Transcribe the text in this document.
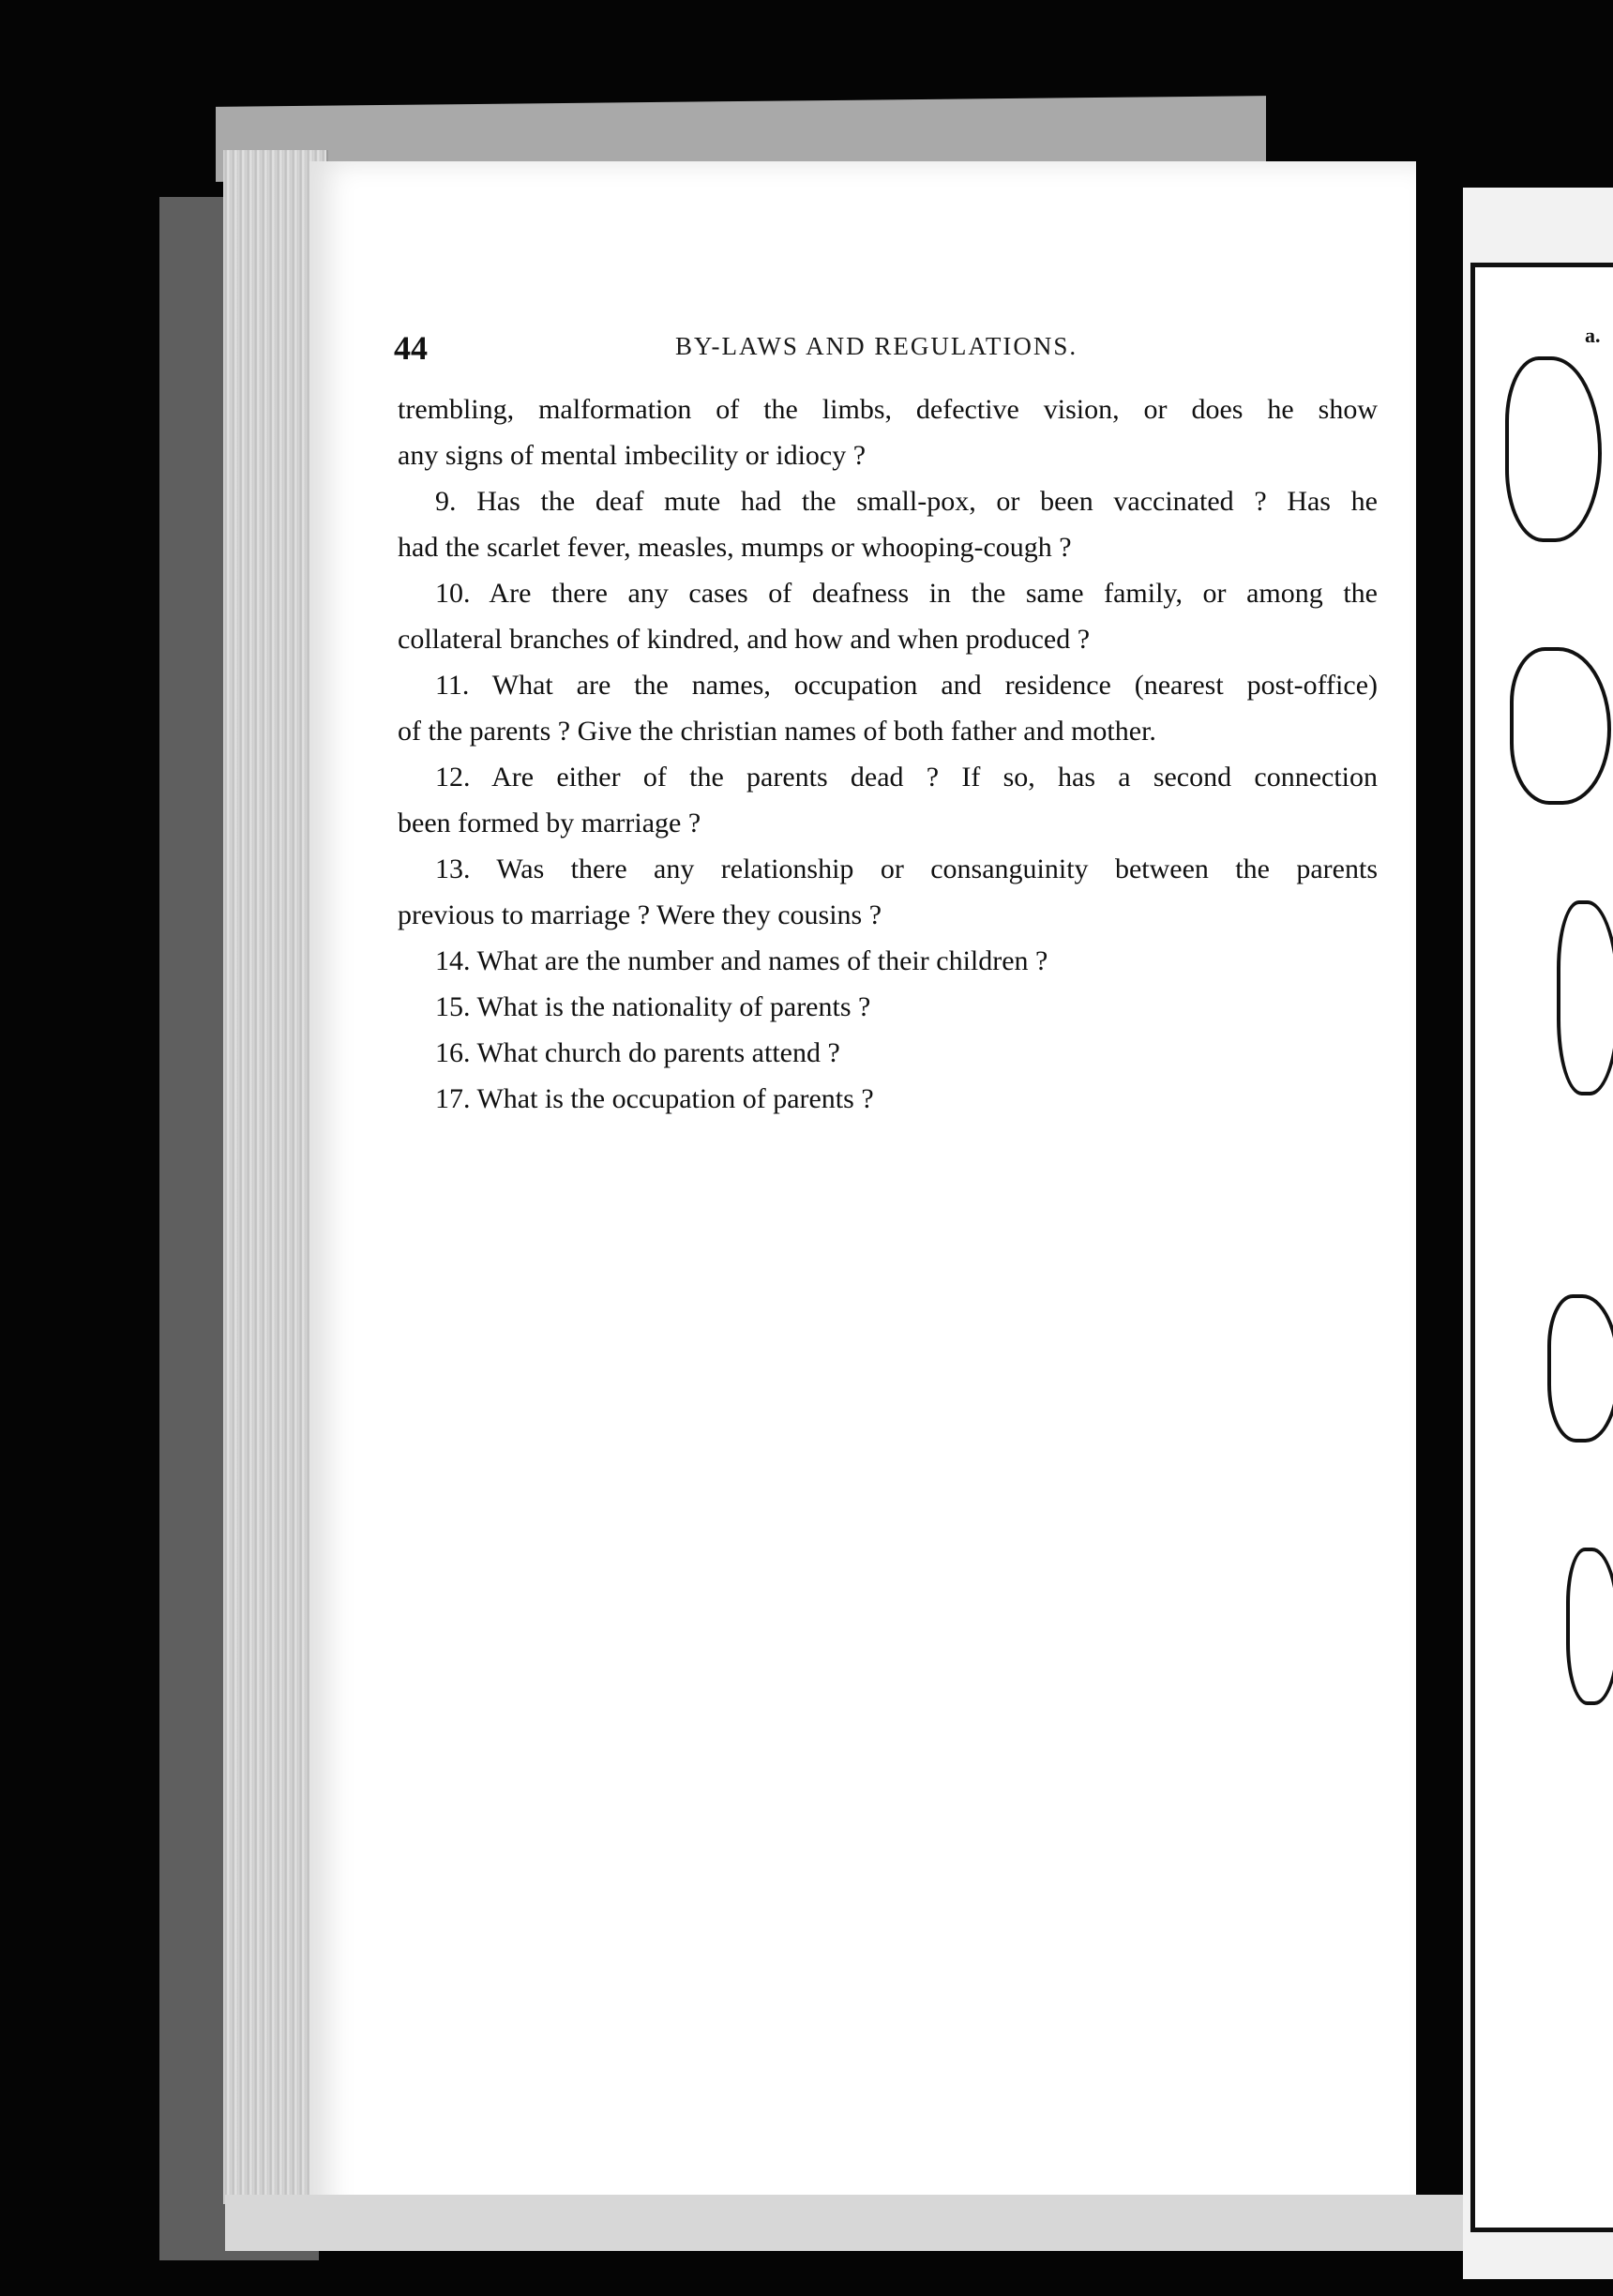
a.
44	BY-LAWS AND REGULATIONS.
trembling, malformation of the limbs, defective vision, or does he show
any signs of mental imbecility or idiocy ?
9. Has the deaf mute had the small-pox, or been vaccinated ? Has he
had the scarlet fever, measles, mumps or whooping-cough ?
10. Are there any cases of deafness in the same family, or among the
collateral branches of kindred, and how and when produced ?
11. What are the names, occupation and residence (nearest post-office)
of the parents ? Give the christian names of both father and mother.
12. Are either of the parents dead ? If so, has a second connection
been formed by marriage ?
13. Was there any relationship or consanguinity between the parents
previous to marriage ? Were they cousins ?
14. What are the number and names of their children ?
15. What is the nationality of parents ?
16. What church do parents attend ?
17. What is the occupation of parents ?
